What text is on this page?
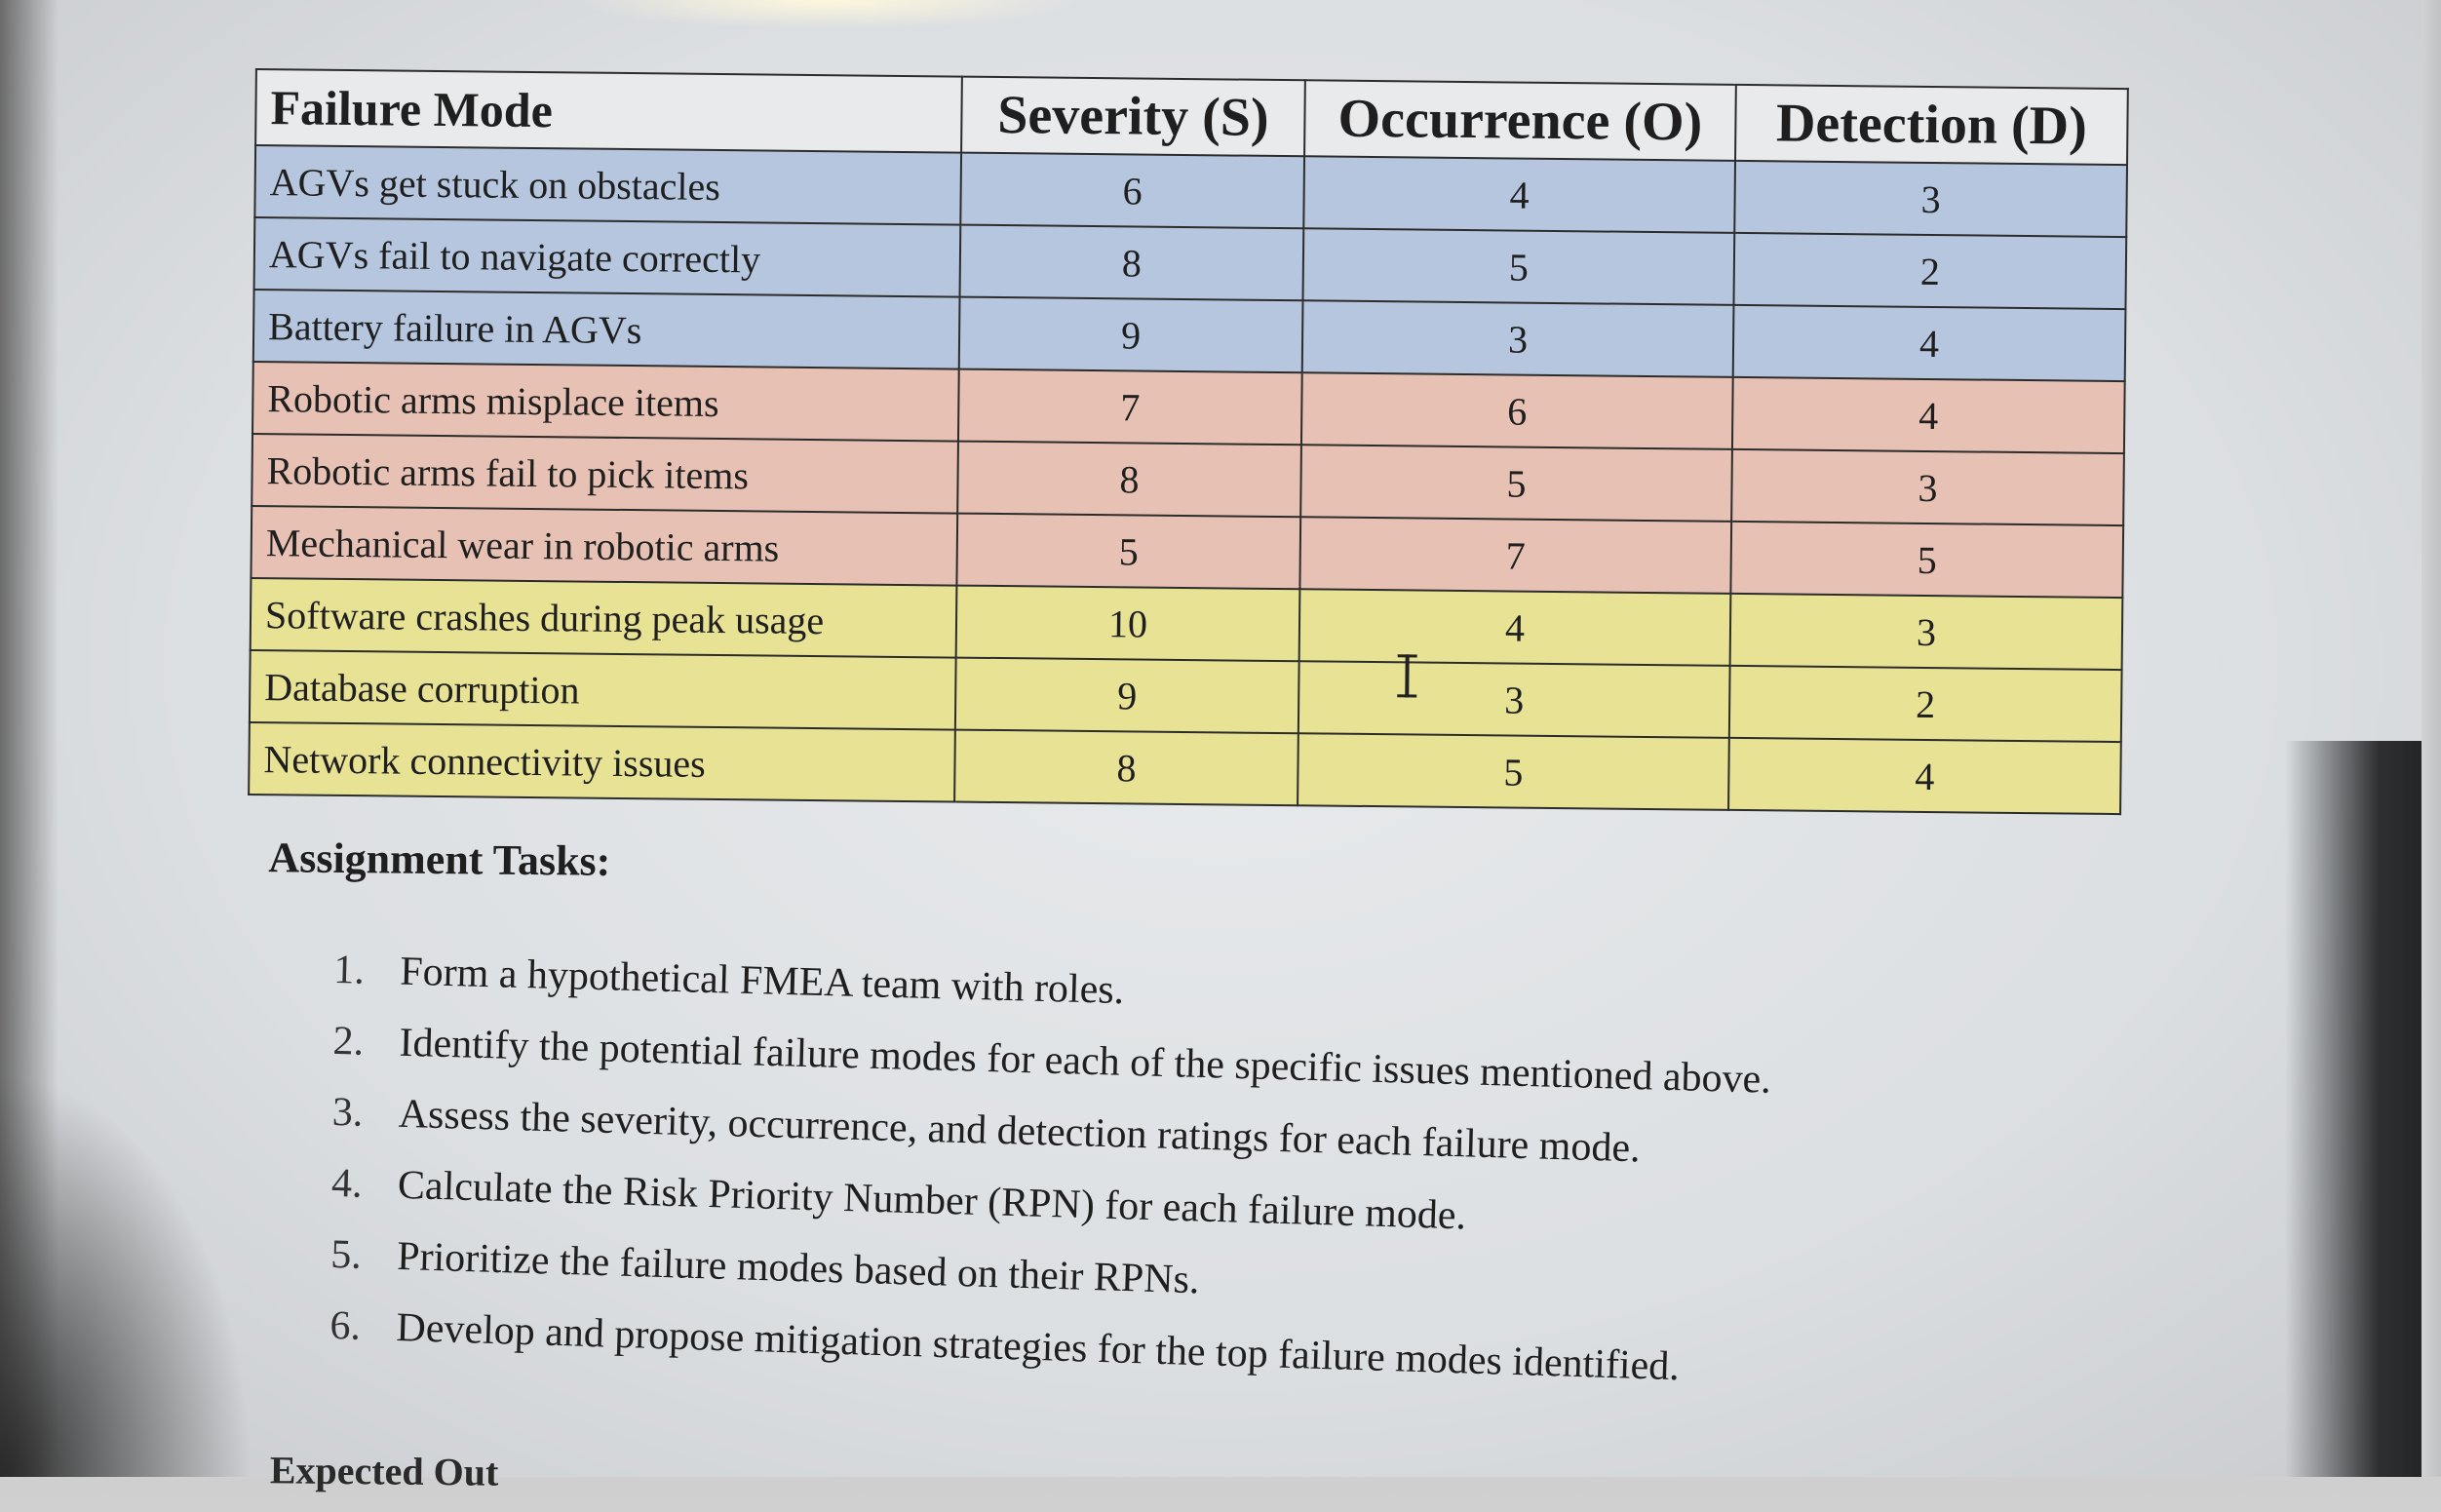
Failure Mode	Severity (S)	Occurrence (O)	Detection (D)
AGVs get stuck on obstacles	6	4	3
AGVs fail to navigate correctly	8	5	2
Battery failure in AGVs	9	3	4
Robotic arms misplace items	7	6	4
Robotic arms fail to pick items	8	5	3
Mechanical wear in robotic arms	5	7	5
Software crashes during peak usage	10	4	3
Database corruption	9	3	2
Network connectivity issues	8	5	4
Assignment Tasks:
1. Form a hypothetical FMEA team with roles.
2. Identify the potential failure modes for each of the specific issues mentioned above.
3. Assess the severity, occurrence, and detection ratings for each failure mode.
4. Calculate the Risk Priority Number (RPN) for each failure mode.
5. Prioritize the failure modes based on their RPNs.
6. Develop and propose mitigation strategies for the top failure modes identified.
Expected Out
